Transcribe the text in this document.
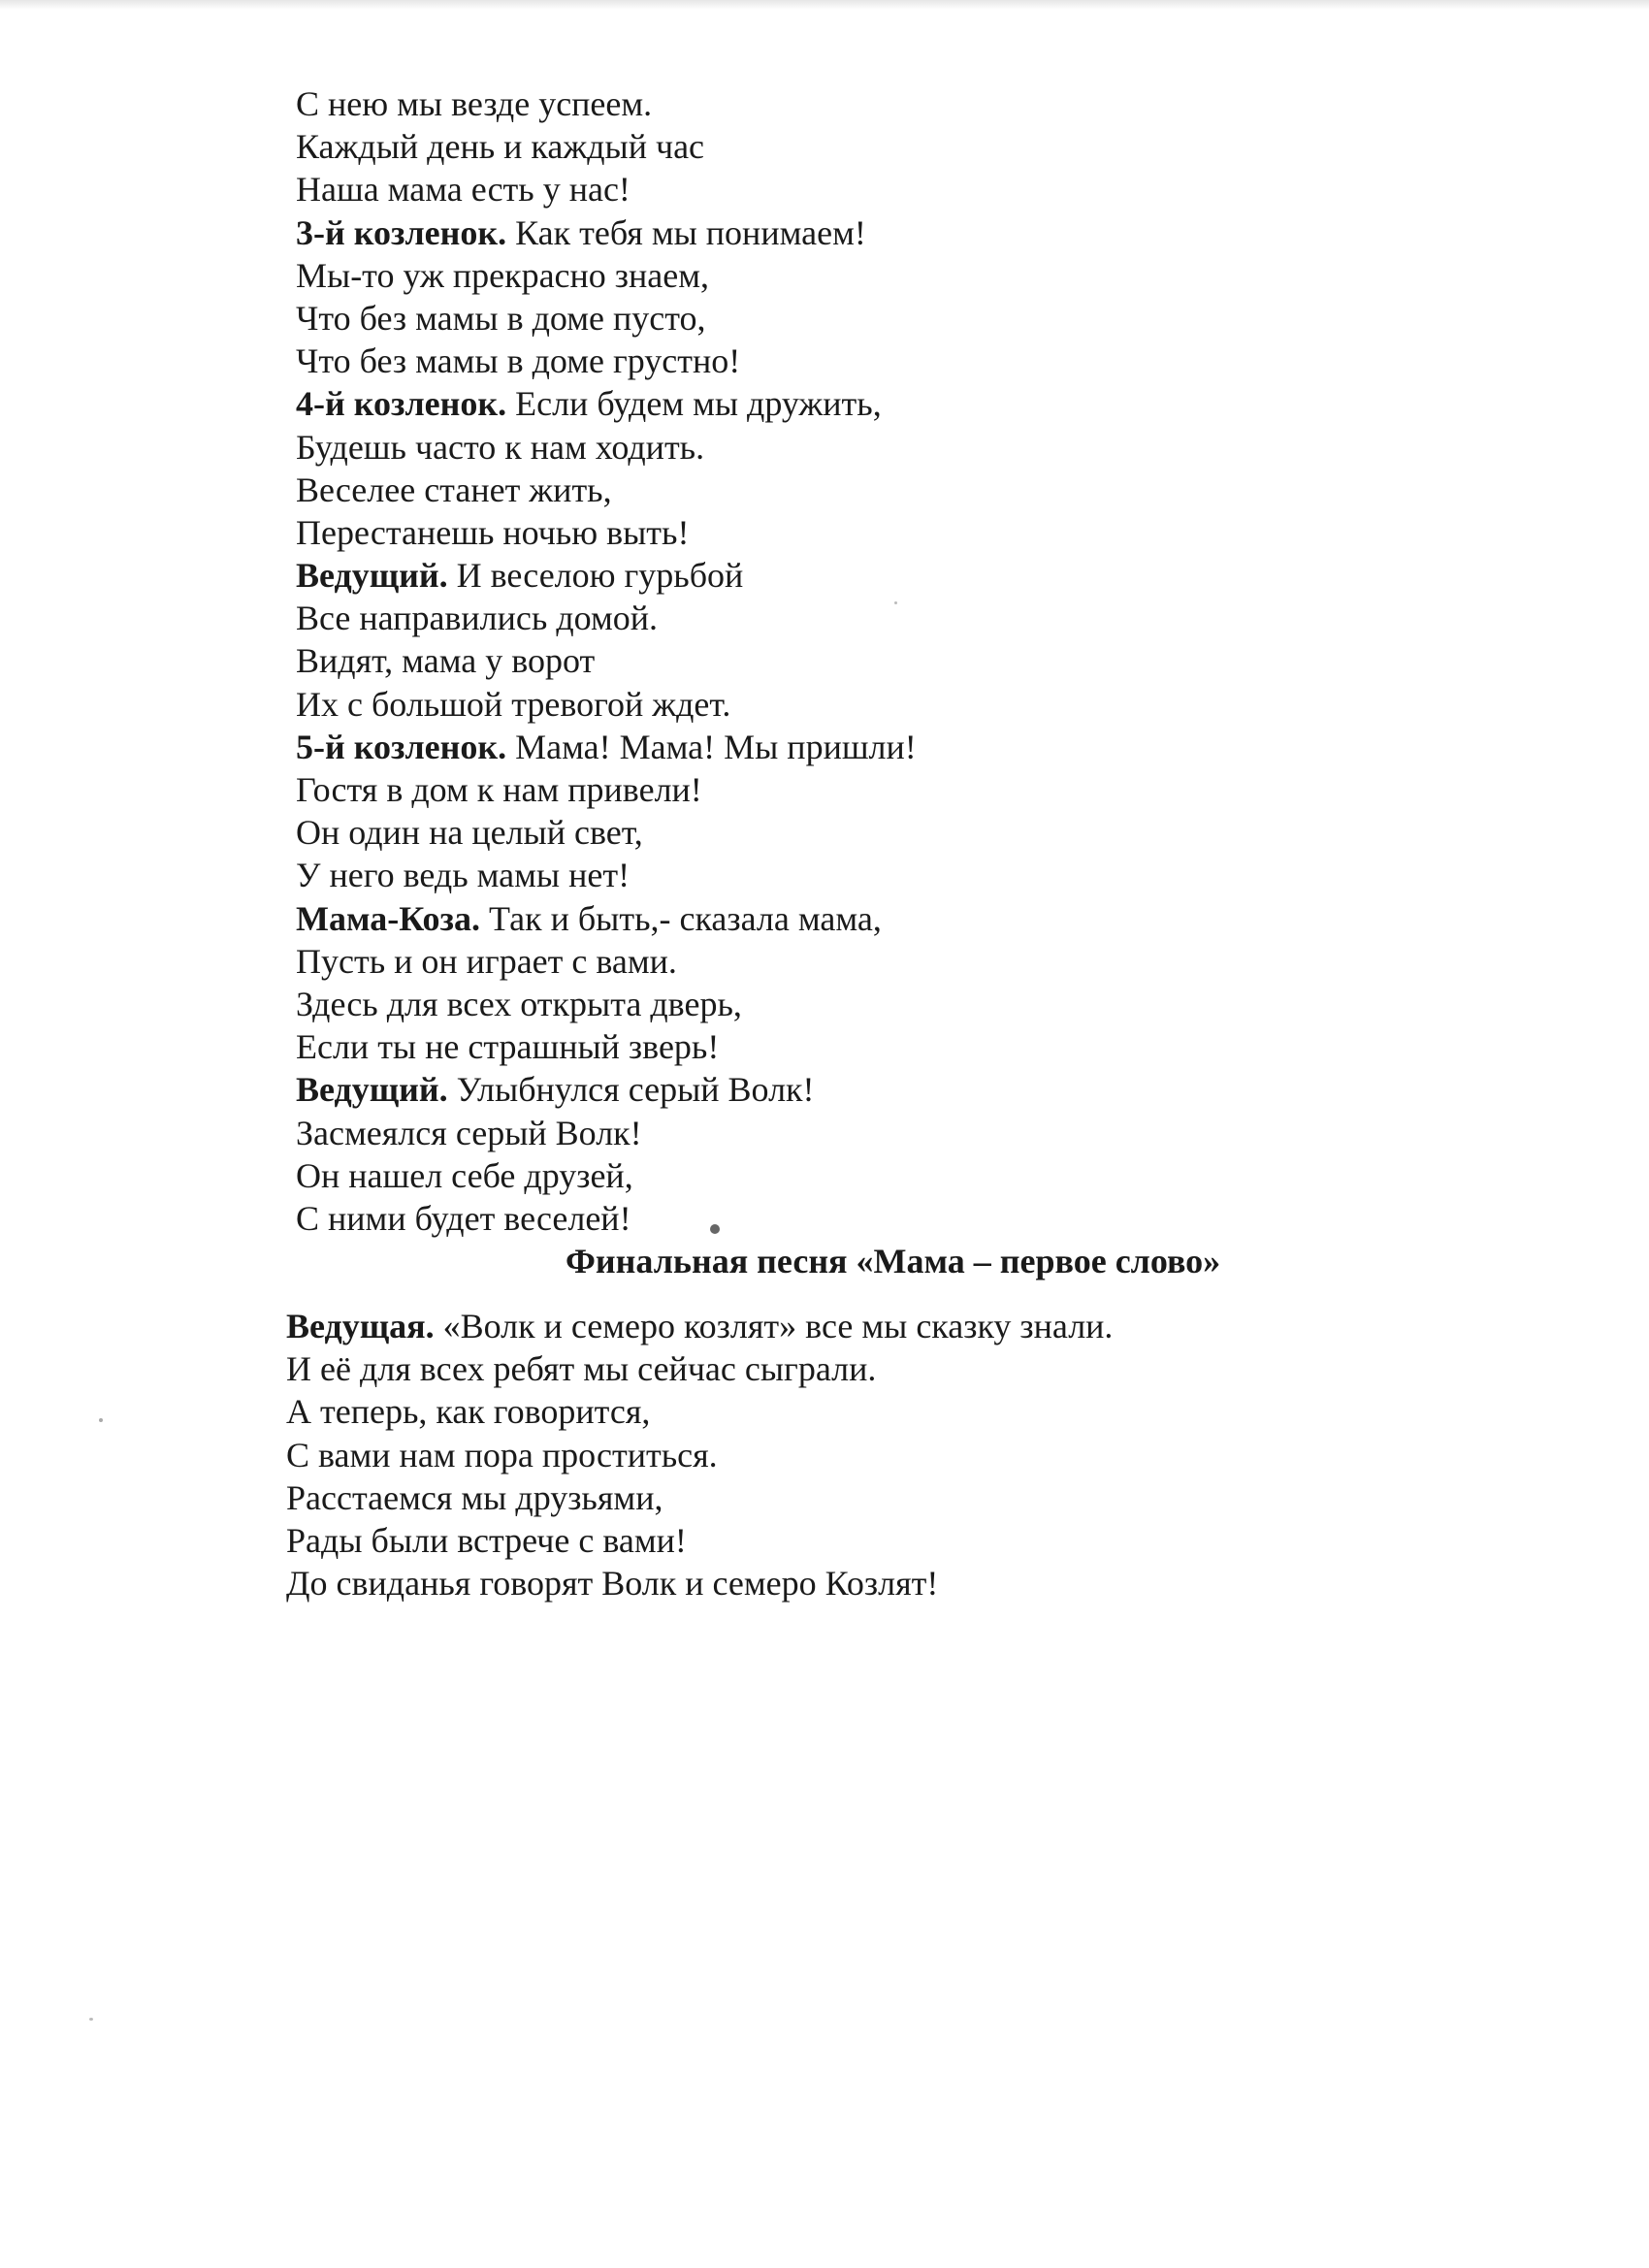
С нею мы везде успеем.
Каждый день и каждый час
Наша мама есть у нас!
3-й козленок. Как тебя мы понимаем!
Мы-то уж прекрасно знаем,
Что без мамы в доме пусто,
Что без мамы в доме грустно!
4-й козленок. Если будем мы дружить,
Будешь часто к нам ходить.
Веселее станет жить,
Перестанешь ночью выть!
Ведущий. И веселою гурьбой
Все направились домой.
Видят, мама у ворот
Их с большой тревогой ждет.
5-й козленок. Мама! Мама! Мы пришли!
Гостя в дом к нам привели!
Он один на целый свет,
У него ведь мамы нет!
Мама-Коза. Так и быть,- сказала мама,
Пусть и он играет с вами.
Здесь для всех открыта дверь,
Если ты не страшный зверь!
Ведущий. Улыбнулся серый Волк!
Засмеялся серый Волк!
Он нашел себе друзей,
С ними будет веселей!
Финальная песня «Мама – первое слово»
Ведущая. «Волк и семеро козлят» все мы сказку знали.
И её для всех ребят мы сейчас сыграли.
А теперь, как говорится,
С вами нам пора проститься.
Расстаемся мы друзьями,
Рады были встрече с вами!
До свиданья говорят Волк и семеро Козлят!
